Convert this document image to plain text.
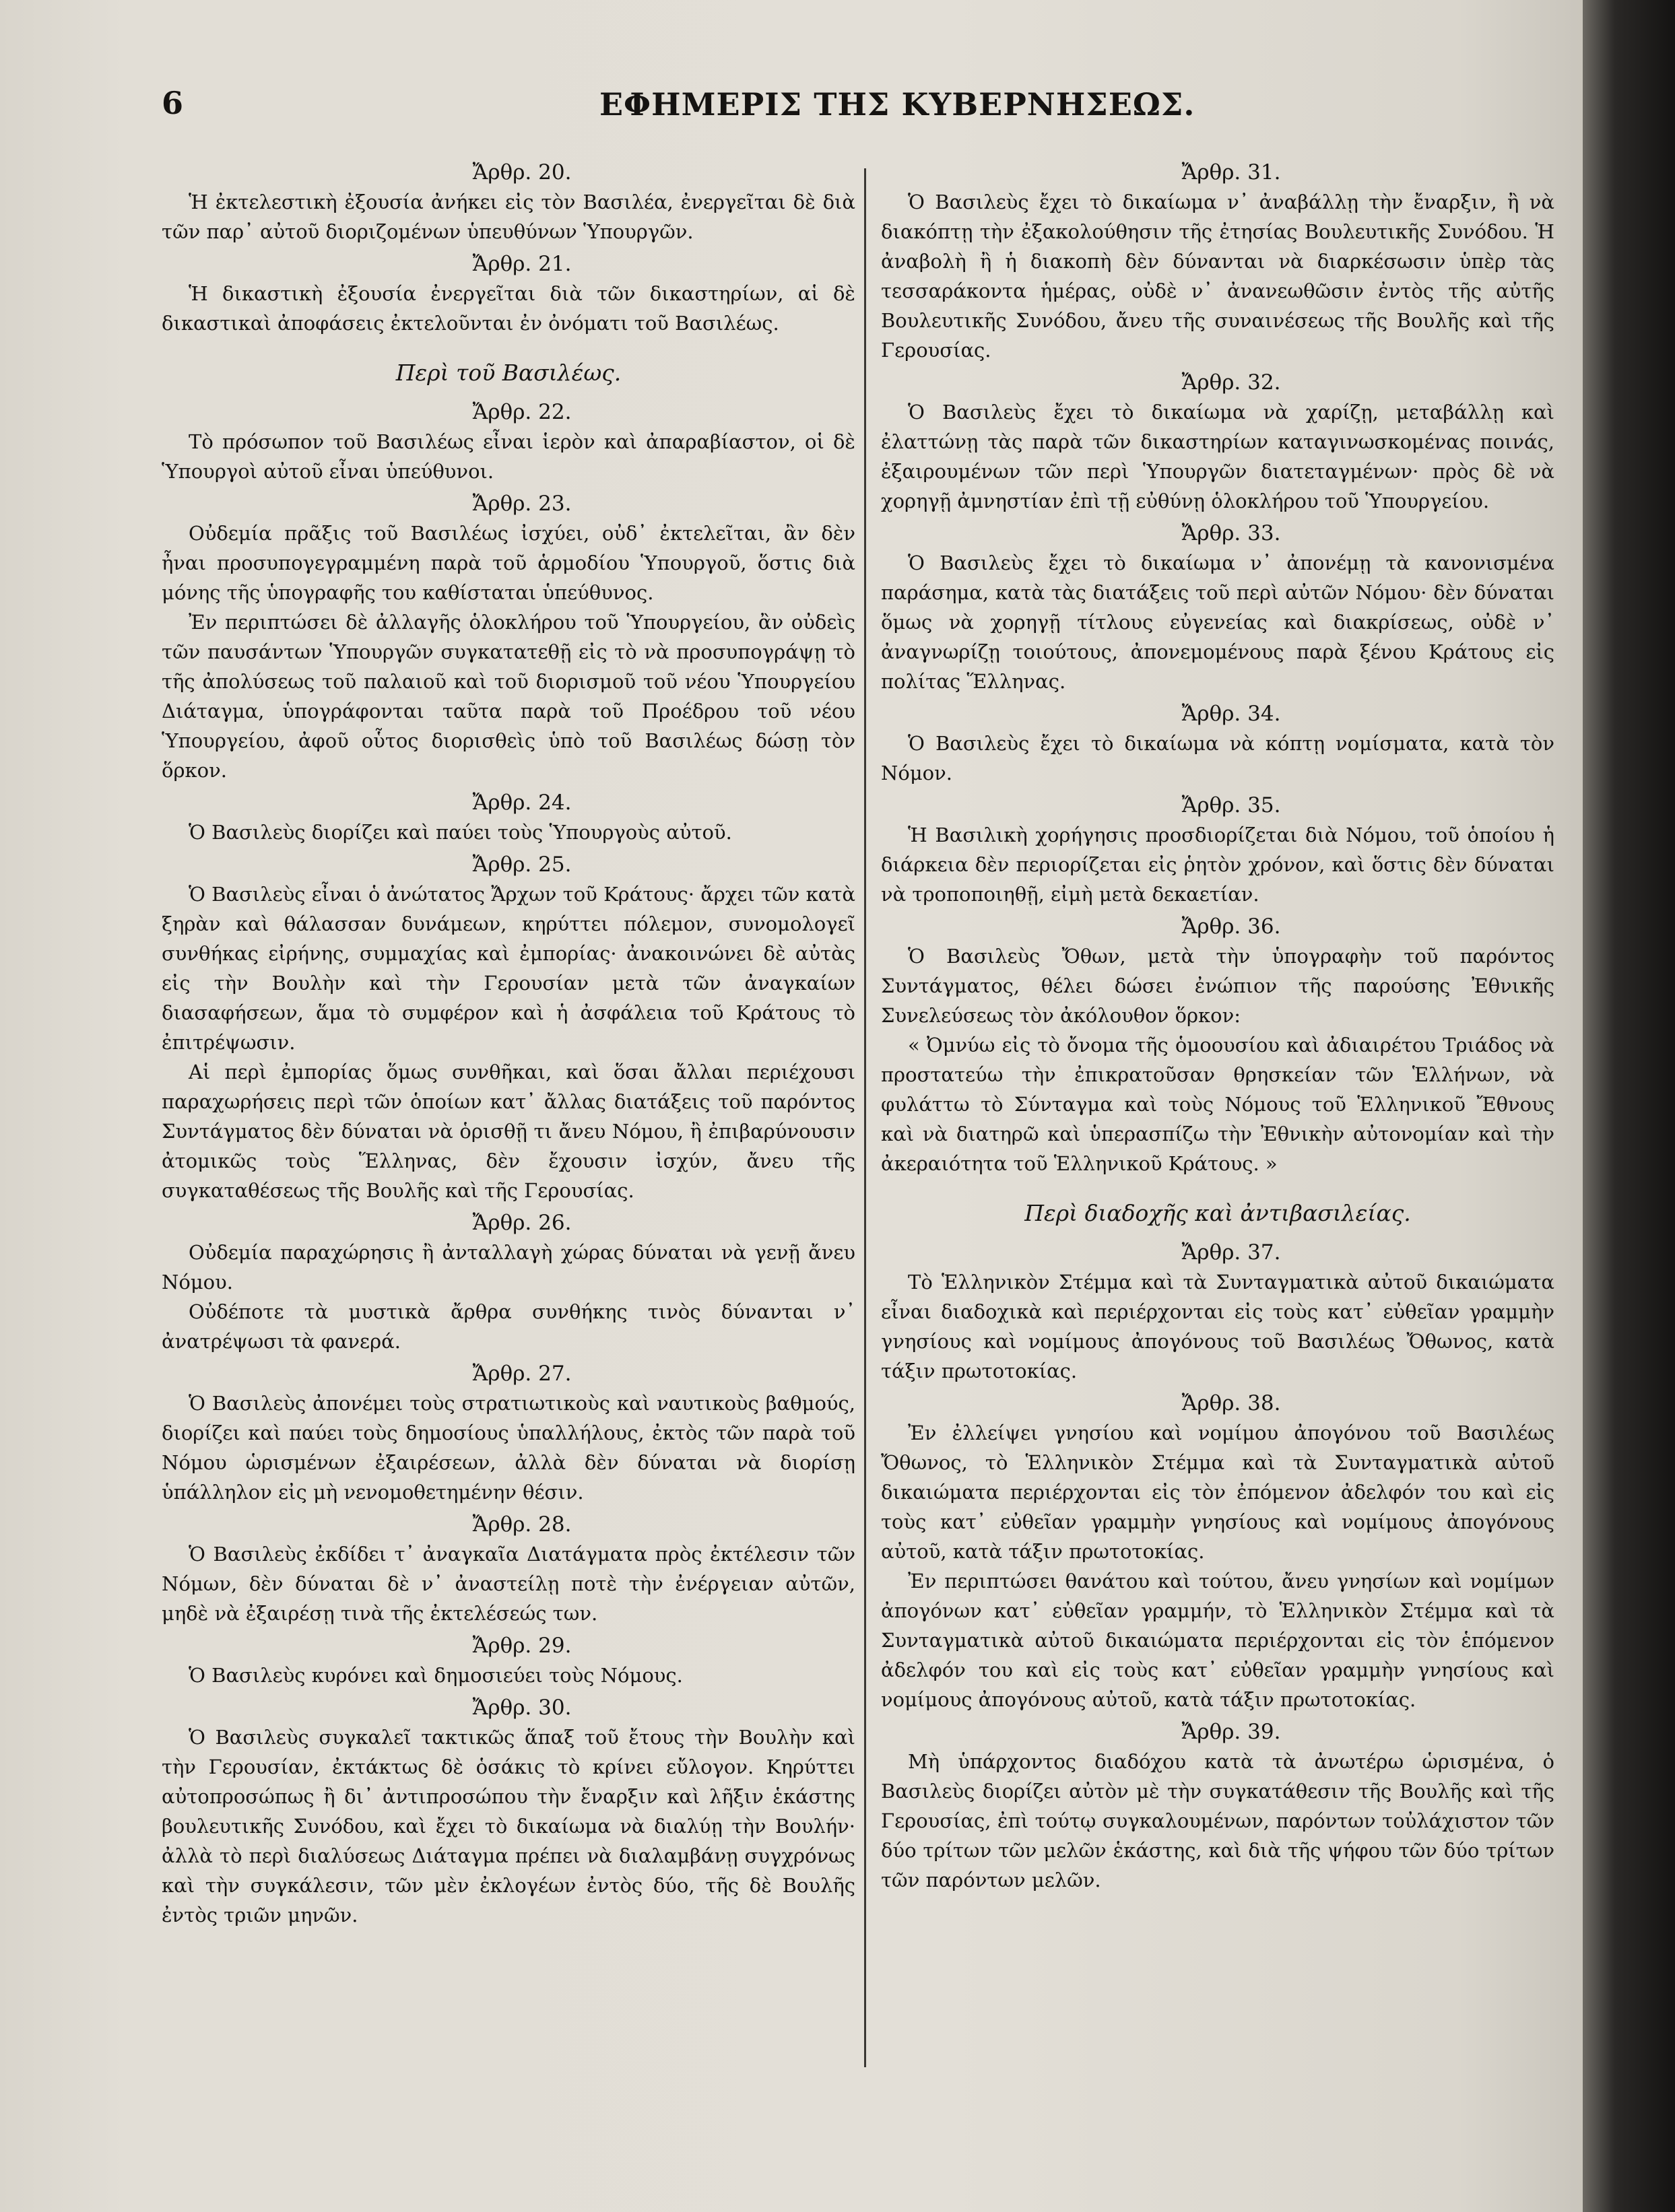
6	ΕΦΗΜΕΡΙΣ ΤΗΣ ΚΥΒΕΡΝΗΣΕΩΣ.
Ἄρθρ. 20.

Ἡ ἐκτελεστικὴ ἐξουσία ἀνήκει εἰς τὸν Βασιλέα, ἐνεργεῖται δὲ διὰ τῶν παρ᾿ αὐτοῦ διοριζομένων ὑπευθύνων Ὑπουργῶν.

Ἄρθρ. 21.

Ἡ δικαστικὴ ἐξουσία ἐνεργεῖται διὰ τῶν δικαστηρίων, αἱ δὲ δικαστικαὶ ἀποφάσεις ἐκτελοῦνται ἐν ὀνόματι τοῦ Βασιλέως.

Περὶ τοῦ Βασιλέως.
Ἄρθρ. 22.

Τὸ πρόσωπον τοῦ Βασιλέως εἶναι ἱερὸν καὶ ἀπαραβίαστον, οἱ δὲ Ὑπουργοὶ αὐτοῦ εἶναι ὑπεύθυνοι.

Ἄρθρ. 23.

Οὐδεμία πρᾶξις τοῦ Βασιλέως ἰσχύει, οὐδ᾿ ἐκτελεῖται, ἂν δὲν ἦναι προσυπογεγραμμένη παρὰ τοῦ ἁρμοδίου Ὑπουργοῦ, ὅστις διὰ μόνης τῆς ὑπογραφῆς του καθίσταται ὑπεύθυνος.

Ἐν περιπτώσει δὲ ἀλλαγῆς ὁλοκλήρου τοῦ Ὑπουργείου, ἂν οὐδεὶς τῶν παυσάντων Ὑπουργῶν συγκατατεθῇ εἰς τὸ νὰ προσυπογράψῃ τὸ τῆς ἀπολύσεως τοῦ παλαιοῦ καὶ τοῦ διορισμοῦ τοῦ νέου Ὑπουργείου Διάταγμα, ὑπογράφονται ταῦτα παρὰ τοῦ Προέδρου τοῦ νέου Ὑπουργείου, ἀφοῦ οὗτος διορισθεὶς ὑπὸ τοῦ Βασιλέως δώσῃ τὸν ὅρκον.

Ἄρθρ. 24.

Ὁ Βασιλεὺς διορίζει καὶ παύει τοὺς Ὑπουργοὺς αὐτοῦ.

Ἄρθρ. 25.

Ὁ Βασιλεὺς εἶναι ὁ ἀνώτατος Ἄρχων τοῦ Κράτους· ἄρχει τῶν κατὰ ξηρὰν καὶ θάλασσαν δυνάμεων, κηρύττει πόλεμον, συνομολογεῖ συνθήκας εἰρήνης, συμμαχίας καὶ ἐμπορίας· ἀνακοινώνει δὲ αὐτὰς εἰς τὴν Βουλὴν καὶ τὴν Γερουσίαν μετὰ τῶν ἀναγκαίων διασαφήσεων, ἅμα τὸ συμφέρον καὶ ἡ ἀσφάλεια τοῦ Κράτους τὸ ἐπιτρέψωσιν.

Αἱ περὶ ἐμπορίας ὅμως συνθῆκαι, καὶ ὅσαι ἄλλαι περιέχουσι παραχωρήσεις περὶ τῶν ὁποίων κατ᾿ ἄλλας διατάξεις τοῦ παρόντος Συντάγματος δὲν δύναται νὰ ὁρισθῇ τι ἄνευ Νόμου, ἢ ἐπιβαρύνουσιν ἀτομικῶς τοὺς Ἕλληνας, δὲν ἔχουσιν ἰσχύν, ἄνευ τῆς συγκαταθέσεως τῆς Βουλῆς καὶ τῆς Γερουσίας.

Ἄρθρ. 26.

Οὐδεμία παραχώρησις ἢ ἀνταλλαγὴ χώρας δύναται νὰ γενῇ ἄνευ Νόμου.

Οὐδέποτε τὰ μυστικὰ ἄρθρα συνθήκης τινὸς δύνανται ν᾿ ἀνατρέψωσι τὰ φανερά.

Ἄρθρ. 27.

Ὁ Βασιλεὺς ἀπονέμει τοὺς στρατιωτικοὺς καὶ ναυτικοὺς βαθμούς, διορίζει καὶ παύει τοὺς δημοσίους ὑπαλλήλους, ἐκτὸς τῶν παρὰ τοῦ Νόμου ὡρισμένων ἐξαιρέσεων, ἀλλὰ δὲν δύναται νὰ διορίσῃ ὑπάλληλον εἰς μὴ νενομοθετημένην θέσιν.

Ἄρθρ. 28.

Ὁ Βασιλεὺς ἐκδίδει τ᾿ ἀναγκαῖα Διατάγματα πρὸς ἐκτέλεσιν τῶν Νόμων, δὲν δύναται δὲ ν᾿ ἀναστείλῃ ποτὲ τὴν ἐνέργειαν αὐτῶν, μηδὲ νὰ ἐξαιρέσῃ τινὰ τῆς ἐκτελέσεώς των.

Ἄρθρ. 29.

Ὁ Βασιλεὺς κυρόνει καὶ δημοσιεύει τοὺς Νόμους.

Ἄρθρ. 30.

Ὁ Βασιλεὺς συγκαλεῖ τακτικῶς ἅπαξ τοῦ ἔτους τὴν Βουλὴν καὶ τὴν Γερουσίαν, ἐκτάκτως δὲ ὁσάκις τὸ κρίνει εὔλογον. Κηρύττει αὐτοπροσώπως ἢ δι᾿ ἀντιπροσώπου τὴν ἔναρξιν καὶ λῆξιν ἑκάστης βουλευτικῆς Συνόδου, καὶ ἔχει τὸ δικαίωμα νὰ διαλύῃ τὴν Βουλήν· ἀλλὰ τὸ περὶ διαλύσεως Διάταγμα πρέπει νὰ διαλαμβάνῃ συγχρόνως καὶ τὴν συγκάλεσιν, τῶν μὲν ἐκλογέων ἐντὸς δύο, τῆς δὲ Βουλῆς ἐντὸς τριῶν μηνῶν.

Ἄρθρ. 31.

Ὁ Βασιλεὺς ἔχει τὸ δικαίωμα ν᾿ ἀναβάλλῃ τὴν ἔναρξιν, ἢ νὰ διακόπτῃ τὴν ἐξακολούθησιν τῆς ἐτησίας Βουλευτικῆς Συνόδου. Ἡ ἀναβολὴ ἢ ἡ διακοπὴ δὲν δύνανται νὰ διαρκέσωσιν ὑπὲρ τὰς τεσσαράκοντα ἡμέρας, οὐδὲ ν᾿ ἀνανεωθῶσιν ἐντὸς τῆς αὐτῆς Βουλευτικῆς Συνόδου, ἄνευ τῆς συναινέσεως τῆς Βουλῆς καὶ τῆς Γερουσίας.

Ἄρθρ. 32.

Ὁ Βασιλεὺς ἔχει τὸ δικαίωμα νὰ χαρίζῃ, μεταβάλλῃ καὶ ἐλαττώνῃ τὰς παρὰ τῶν δικαστηρίων καταγινωσκομένας ποινάς, ἐξαιρουμένων τῶν περὶ Ὑπουργῶν διατεταγμένων· πρὸς δὲ νὰ χορηγῇ ἀμνηστίαν ἐπὶ τῇ εὐθύνῃ ὁλοκλήρου τοῦ Ὑπουργείου.

Ἄρθρ. 33.

Ὁ Βασιλεὺς ἔχει τὸ δικαίωμα ν᾿ ἀπονέμῃ τὰ κανονισμένα παράσημα, κατὰ τὰς διατάξεις τοῦ περὶ αὐτῶν Νόμου· δὲν δύναται ὅμως νὰ χορηγῇ τίτλους εὐγενείας καὶ διακρίσεως, οὐδὲ ν᾿ ἀναγνωρίζῃ τοιούτους, ἀπονεμομένους παρὰ ξένου Κράτους εἰς πολίτας Ἕλληνας.

Ἄρθρ. 34.

Ὁ Βασιλεὺς ἔχει τὸ δικαίωμα νὰ κόπτῃ νομίσματα, κατὰ τὸν Νόμον.

Ἄρθρ. 35.

Ἡ Βασιλικὴ χορήγησις προσδιορίζεται διὰ Νόμου, τοῦ ὁποίου ἡ διάρκεια δὲν περιορίζεται εἰς ῥητὸν χρόνον, καὶ ὅστις δὲν δύναται νὰ τροποποιηθῇ, εἰμὴ μετὰ δεκαετίαν.

Ἄρθρ. 36.

Ὁ Βασιλεὺς Ὄθων, μετὰ τὴν ὑπογραφὴν τοῦ παρόντος Συντάγματος, θέλει δώσει ἐνώπιον τῆς παρούσης Ἐθνικῆς Συνελεύσεως τὸν ἀκόλουθον ὅρκον:

« Ὀμνύω εἰς τὸ ὄνομα τῆς ὁμοουσίου καὶ ἀδιαιρέτου Τριάδος νὰ προστατεύω τὴν ἐπικρατοῦσαν θρησκείαν τῶν Ἑλλήνων, νὰ φυλάττω τὸ Σύνταγμα καὶ τοὺς Νόμους τοῦ Ἑλληνικοῦ Ἔθνους καὶ νὰ διατηρῶ καὶ ὑπερασπίζω τὴν Ἐθνικὴν αὐτονομίαν καὶ τὴν ἀκεραιότητα τοῦ Ἑλληνικοῦ Κράτους. »

Περὶ διαδοχῆς καὶ ἀντιβασιλείας.
Ἄρθρ. 37.

Τὸ Ἑλληνικὸν Στέμμα καὶ τὰ Συνταγματικὰ αὐτοῦ δικαιώματα εἶναι διαδοχικὰ καὶ περιέρχονται εἰς τοὺς κατ᾿ εὐθεῖαν γραμμὴν γνησίους καὶ νομίμους ἀπογόνους τοῦ Βασιλέως Ὄθωνος, κατὰ τάξιν πρωτοτοκίας.

Ἄρθρ. 38.

Ἐν ἐλλείψει γνησίου καὶ νομίμου ἀπογόνου τοῦ Βασιλέως Ὄθωνος, τὸ Ἑλληνικὸν Στέμμα καὶ τὰ Συνταγματικὰ αὐτοῦ δικαιώματα περιέρχονται εἰς τὸν ἐπόμενον ἀδελφόν του καὶ εἰς τοὺς κατ᾿ εὐθεῖαν γραμμὴν γνησίους καὶ νομίμους ἀπογόνους αὐτοῦ, κατὰ τάξιν πρωτοτοκίας.

Ἐν περιπτώσει θανάτου καὶ τούτου, ἄνευ γνησίων καὶ νομίμων ἀπογόνων κατ᾿ εὐθεῖαν γραμμήν, τὸ Ἑλληνικὸν Στέμμα καὶ τὰ Συνταγματικὰ αὐτοῦ δικαιώματα περιέρχονται εἰς τὸν ἑπόμενον ἀδελφόν του καὶ εἰς τοὺς κατ᾿ εὐθεῖαν γραμμὴν γνησίους καὶ νομίμους ἀπογόνους αὐτοῦ, κατὰ τάξιν πρωτοτοκίας.

Ἄρθρ. 39.

Μὴ ὑπάρχοντος διαδόχου κατὰ τὰ ἀνωτέρω ὡρισμένα, ὁ Βασιλεὺς διορίζει αὐτὸν μὲ τὴν συγκατάθεσιν τῆς Βουλῆς καὶ τῆς Γερουσίας, ἐπὶ τούτῳ συγκαλουμένων, παρόντων τοὐλάχιστον τῶν δύο τρίτων τῶν μελῶν ἑκάστης, καὶ διὰ τῆς ψήφου τῶν δύο τρίτων τῶν παρόντων μελῶν.
